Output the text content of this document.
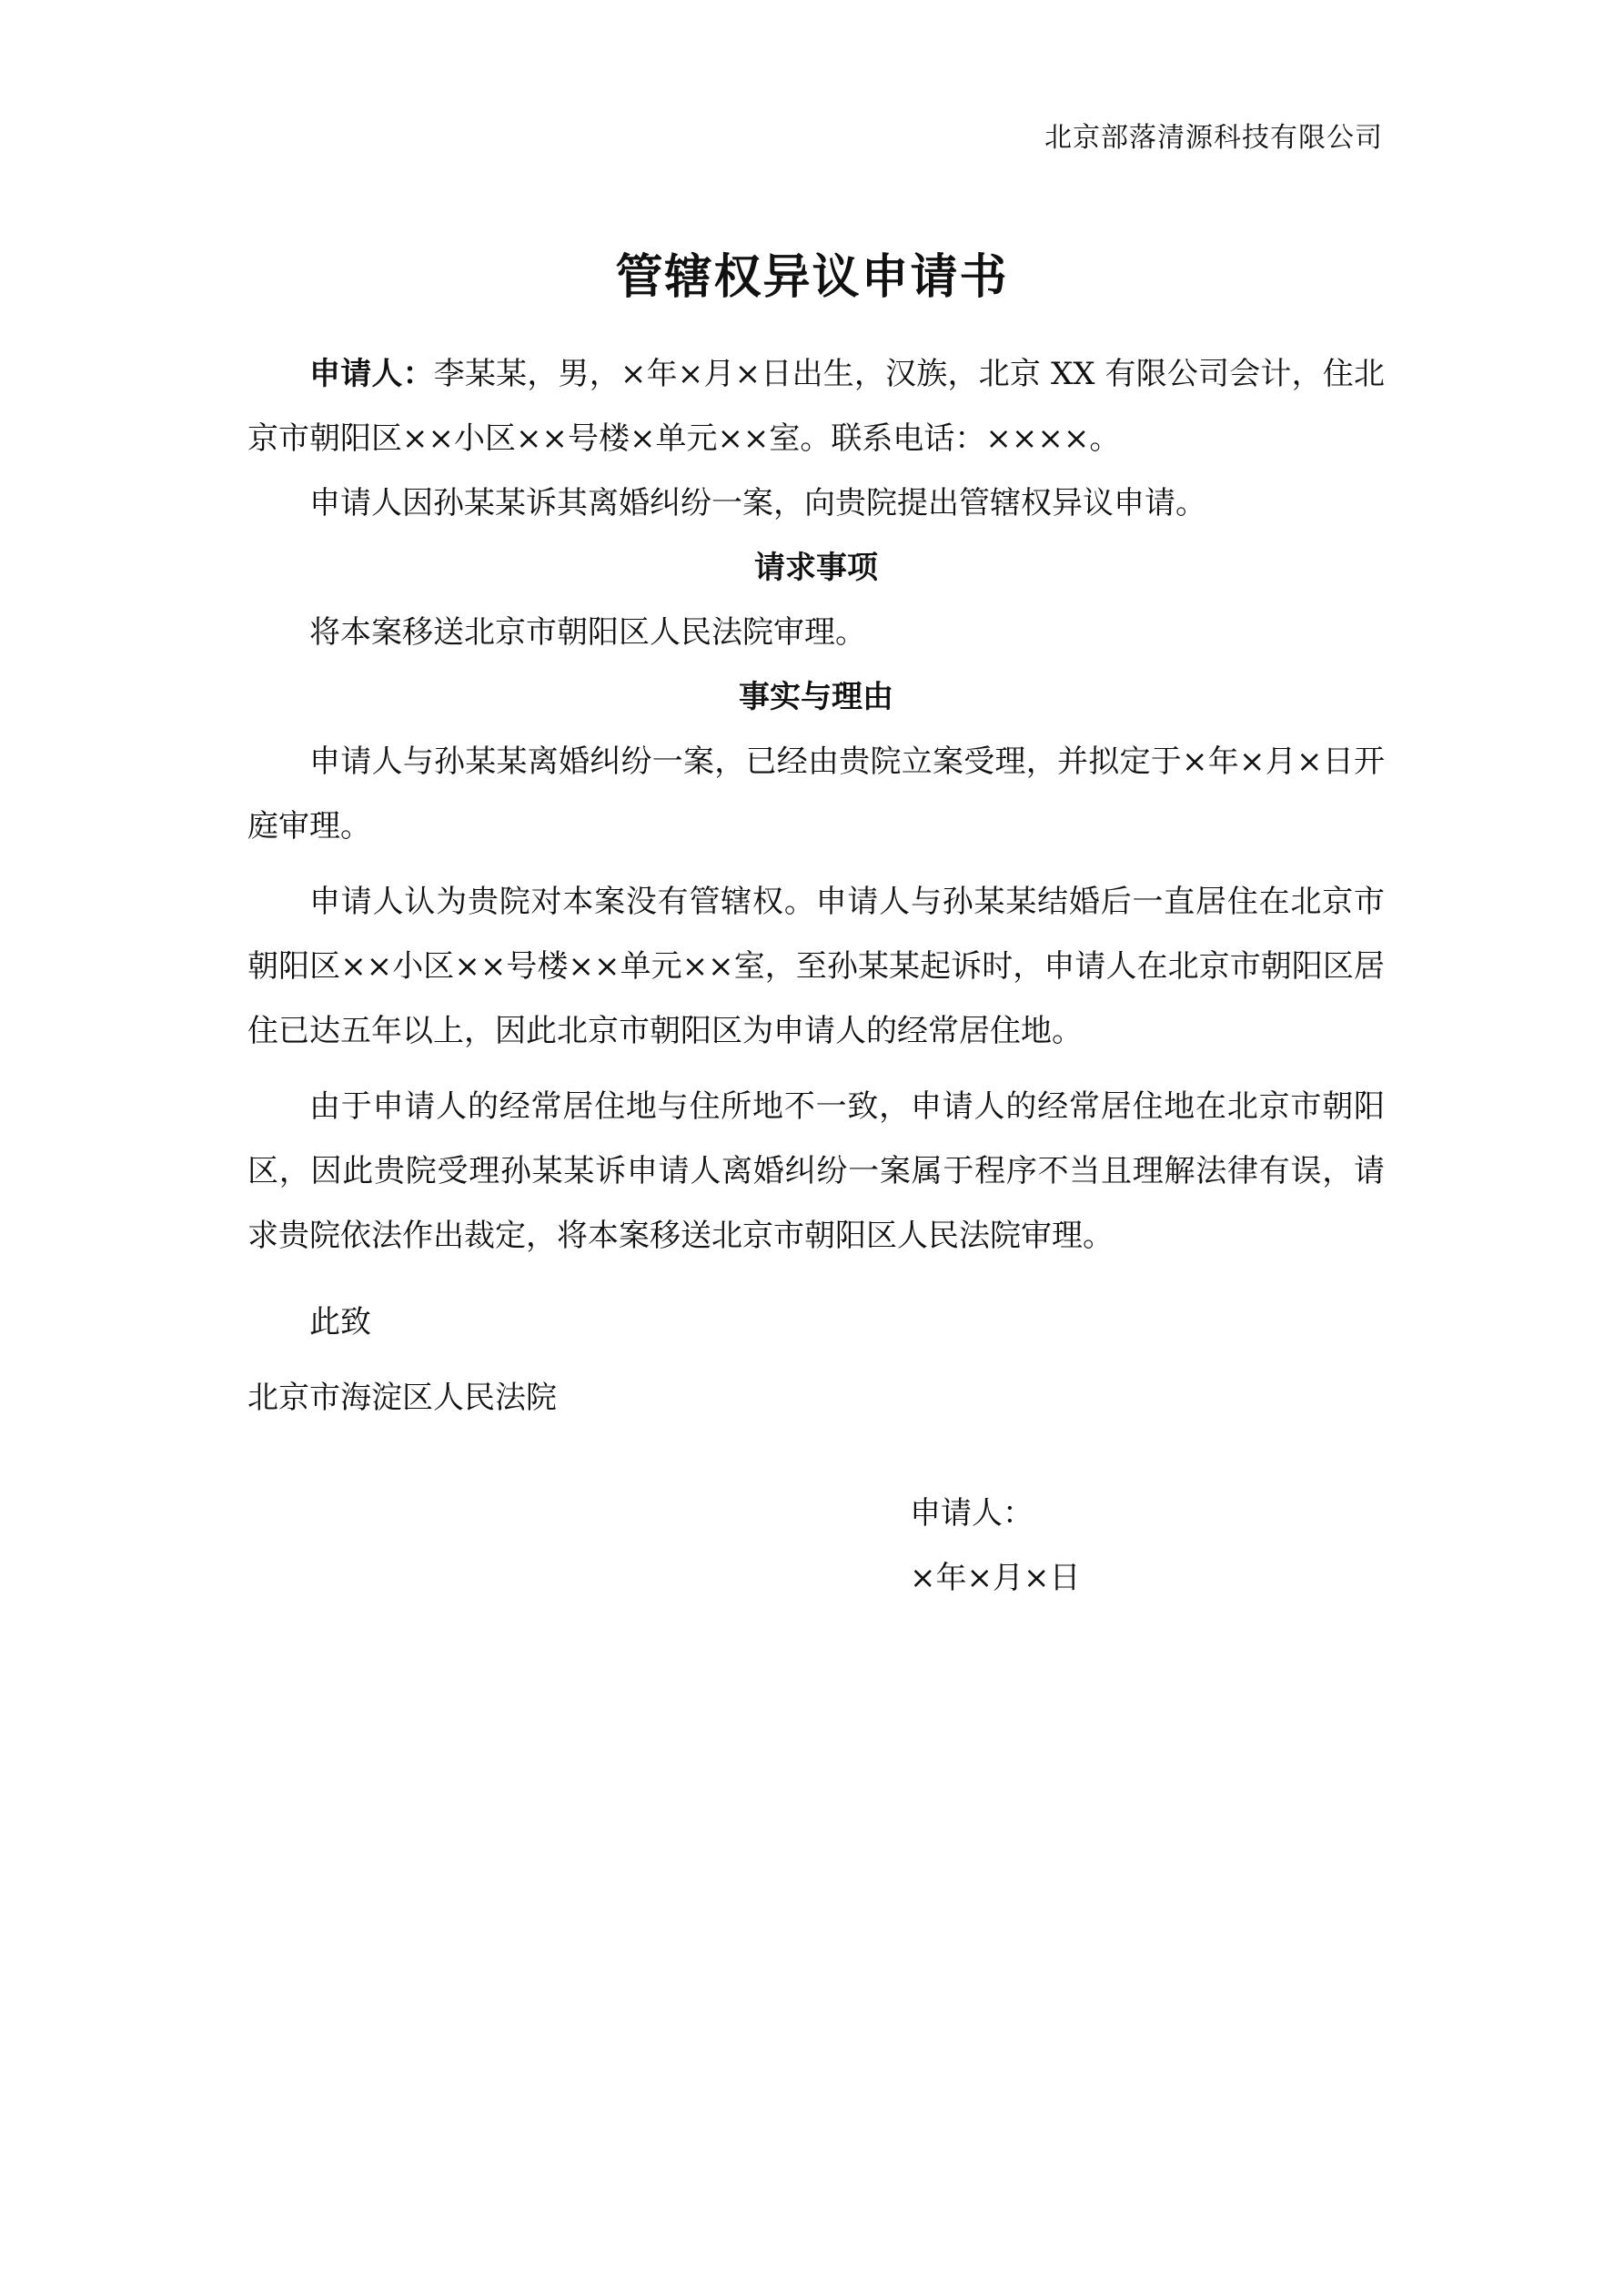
北京部落清源科技有限公司
管辖权异议申请书

申请人：李某某，男，×年×月×日出生，汉族，北京 XX 有限公司会计，住北京市朝阳区××小区××号楼×单元××室。联系电话：××××。

申请人因孙某某诉其离婚纠纷一案，向贵院提出管辖权异议申请。

请求事项

将本案移送北京市朝阳区人民法院审理。

事实与理由

申请人与孙某某离婚纠纷一案，已经由贵院立案受理，并拟定于×年×月×日开庭审理。

申请人认为贵院对本案没有管辖权。申请人与孙某某结婚后一直居住在北京市朝阳区××小区××号楼××单元××室，至孙某某起诉时，申请人在北京市朝阳区居住已达五年以上，因此北京市朝阳区为申请人的经常居住地。

由于申请人的经常居住地与住所地不一致，申请人的经常居住地在北京市朝阳区，因此贵院受理孙某某诉申请人离婚纠纷一案属于程序不当且理解法律有误，请求贵院依法作出裁定，将本案移送北京市朝阳区人民法院审理。

此致

北京市海淀区人民法院

申请人：

×年×月×日
